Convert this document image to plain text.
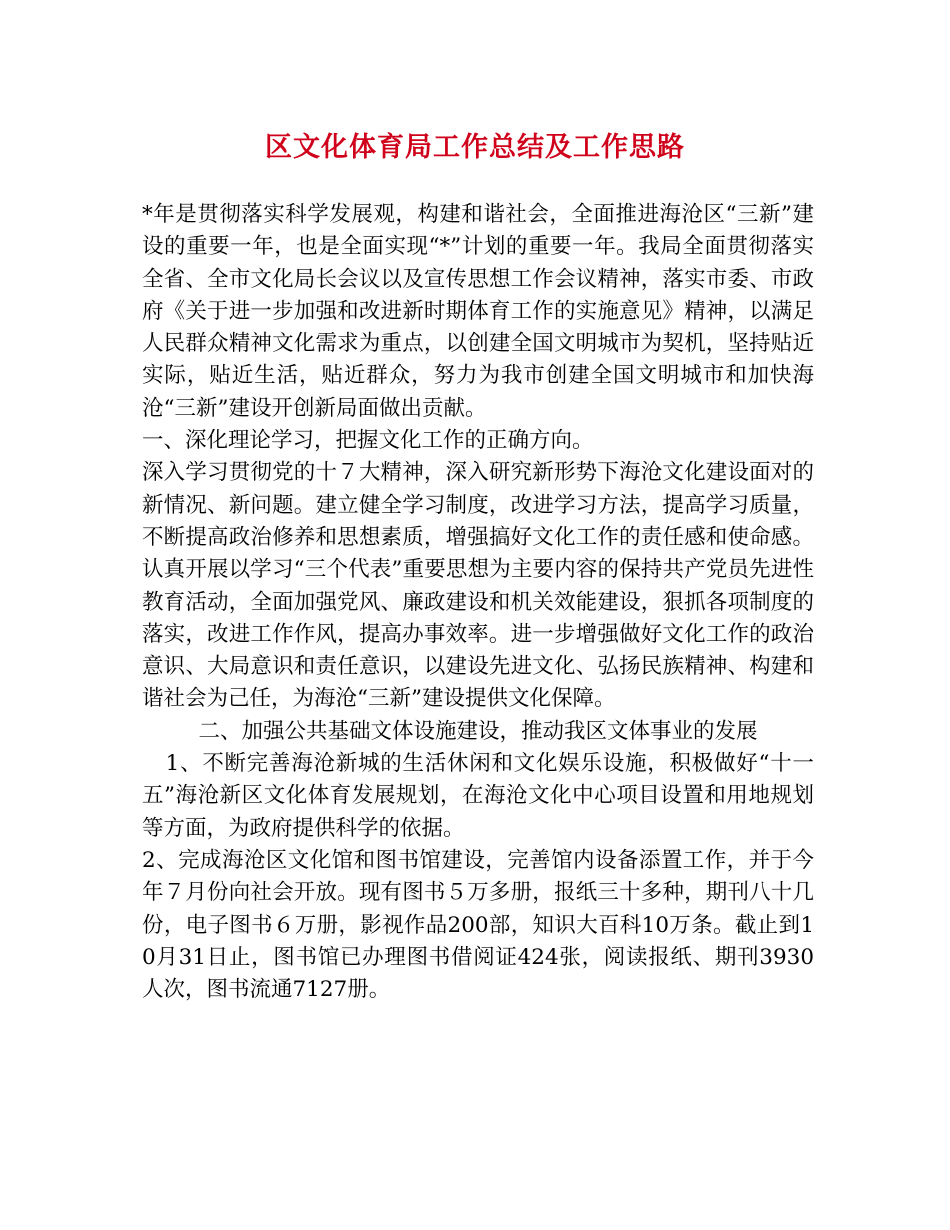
区文化体育局工作总结及工作思路

*年是贯彻落实科学发展观，构建和谐社会，全面推进海沧区“三新”建设的重要一年，也是全面实现“*”计划的重要一年。我局全面贯彻落实全省、全市文化局长会议以及宣传思想工作会议精神，落实市委、市政府《关于进一步加强和改进新时期体育工作的实施意见》精神，以满足人民群众精神文化需求为重点，以创建全国文明城市为契机，坚持贴近实际，贴近生活，贴近群众，努力为我市创建全国文明城市和加快海沧“三新”建设开创新局面做出贡献。

一、深化理论学习，把握文化工作的正确方向。

深入学习贯彻党的十７大精神，深入研究新形势下海沧文化建设面对的新情况、新问题。建立健全学习制度，改进学习方法，提高学习质量，不断提高政治修养和思想素质，增强搞好文化工作的责任感和使命感。认真开展以学习“三个代表”重要思想为主要内容的保持共产党员先进性教育活动，全面加强党风、廉政建设和机关效能建设，狠抓各项制度的落实，改进工作作风，提高办事效率。进一步增强做好文化工作的政治意识、大局意识和责任意识，以建设先进文化、弘扬民族精神、构建和谐社会为己任，为海沧“三新”建设提供文化保障。

二、加强公共基础文体设施建设，推动我区文体事业的发展

1、不断完善海沧新城的生活休闲和文化娱乐设施，积极做好“十一五”海沧新区文化体育发展规划，在海沧文化中心项目设置和用地规划等方面，为政府提供科学的依据。

2、完成海沧区文化馆和图书馆建设，完善馆内设备添置工作，并于今年７月份向社会开放。现有图书５万多册，报纸三十多种，期刊八十几份，电子图书６万册，影视作品200部，知识大百科10万条。截止到10月31日止，图书馆已办理图书借阅证424张，阅读报纸、期刊3930人次，图书流通7127册。
